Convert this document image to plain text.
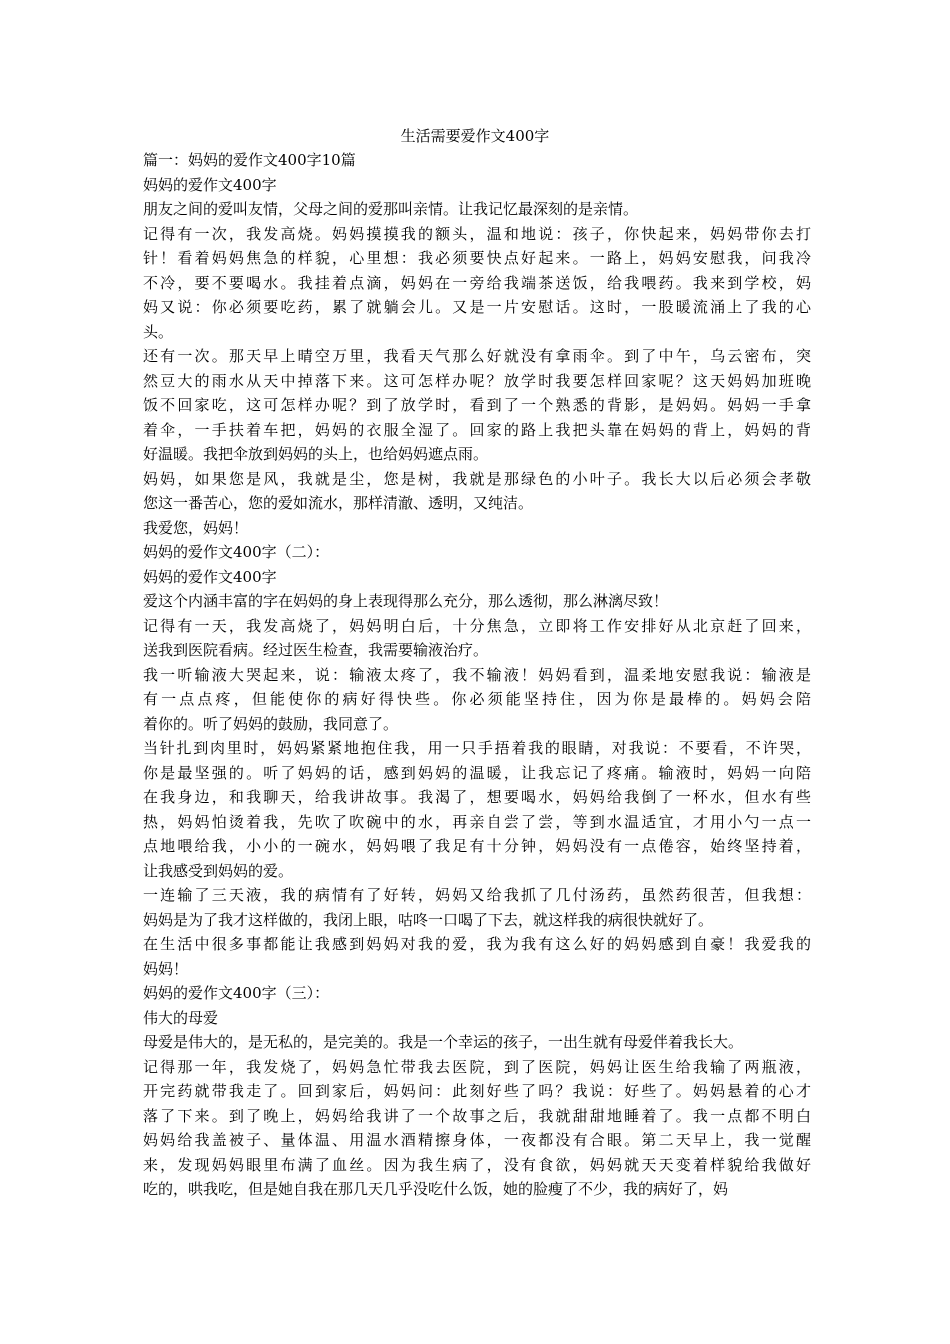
生活需要爱作文400字
篇一：妈妈的爱作文400字10篇
妈妈的爱作文400字
朋友之间的爱叫友情，父母之间的爱那叫亲情。让我记忆最深刻的是亲情。
记得有一次，我发高烧。妈妈摸摸我的额头，温和地说：孩子，你快起来，妈妈带你去打
针！看着妈妈焦急的样貌，心里想：我必须要快点好起来。一路上，妈妈安慰我，问我冷
不冷，要不要喝水。我挂着点滴，妈妈在一旁给我端茶送饭，给我喂药。我来到学校，妈
妈又说：你必须要吃药，累了就躺会儿。又是一片安慰话。这时，一股暖流涌上了我的心
头。
还有一次。那天早上晴空万里，我看天气那么好就没有拿雨伞。到了中午，乌云密布，突
然豆大的雨水从天中掉落下来。这可怎样办呢？放学时我要怎样回家呢？这天妈妈加班晚
饭不回家吃，这可怎样办呢？到了放学时，看到了一个熟悉的背影，是妈妈。妈妈一手拿
着伞，一手扶着车把，妈妈的衣服全湿了。回家的路上我把头靠在妈妈的背上，妈妈的背
好温暖。我把伞放到妈妈的头上，也给妈妈遮点雨。
妈妈，如果您是风，我就是尘，您是树，我就是那绿色的小叶子。我长大以后必须会孝敬
您这一番苦心，您的爱如流水，那样清澈、透明，又纯洁。
我爱您，妈妈！
妈妈的爱作文400字（二）：
妈妈的爱作文400字
爱这个内涵丰富的字在妈妈的身上表现得那么充分，那么透彻，那么淋漓尽致！
记得有一天，我发高烧了，妈妈明白后，十分焦急，立即将工作安排好从北京赶了回来，
送我到医院看病。经过医生检查，我需要输液治疗。
我一听输液大哭起来，说：输液太疼了，我不输液！妈妈看到，温柔地安慰我说：输液是
有一点点疼，但能使你的病好得快些。你必须能坚持住，因为你是最棒的。妈妈会陪
着你的。听了妈妈的鼓励，我同意了。
当针扎到肉里时，妈妈紧紧地抱住我，用一只手捂着我的眼睛，对我说：不要看，不许哭，
你是最坚强的。听了妈妈的话，感到妈妈的温暖，让我忘记了疼痛。输液时，妈妈一向陪
在我身边，和我聊天，给我讲故事。我渴了，想要喝水，妈妈给我倒了一杯水，但水有些
热，妈妈怕烫着我，先吹了吹碗中的水，再亲自尝了尝，等到水温适宜，才用小勺一点一
点地喂给我，小小的一碗水，妈妈喂了我足有十分钟，妈妈没有一点倦容，始终坚持着，
让我感受到妈妈的爱。
一连输了三天液，我的病情有了好转，妈妈又给我抓了几付汤药，虽然药很苦，但我想：
妈妈是为了我才这样做的，我闭上眼，咕咚一口喝了下去，就这样我的病很快就好了。
在生活中很多事都能让我感到妈妈对我的爱，我为我有这么好的妈妈感到自豪！我爱我的
妈妈！
妈妈的爱作文400字（三）：
伟大的母爱
母爱是伟大的，是无私的，是完美的。我是一个幸运的孩子，一出生就有母爱伴着我长大。
记得那一年，我发烧了，妈妈急忙带我去医院，到了医院，妈妈让医生给我输了两瓶液，
开完药就带我走了。回到家后，妈妈问：此刻好些了吗？我说：好些了。妈妈悬着的心才
落了下来。到了晚上，妈妈给我讲了一个故事之后，我就甜甜地睡着了。我一点都不明白
妈妈给我盖被子、量体温、用温水酒精擦身体，一夜都没有合眼。第二天早上，我一觉醒
来，发现妈妈眼里布满了血丝。因为我生病了，没有食欲，妈妈就天天变着样貌给我做好
吃的，哄我吃，但是她自我在那几天几乎没吃什么饭，她的脸瘦了不少，我的病好了，妈
